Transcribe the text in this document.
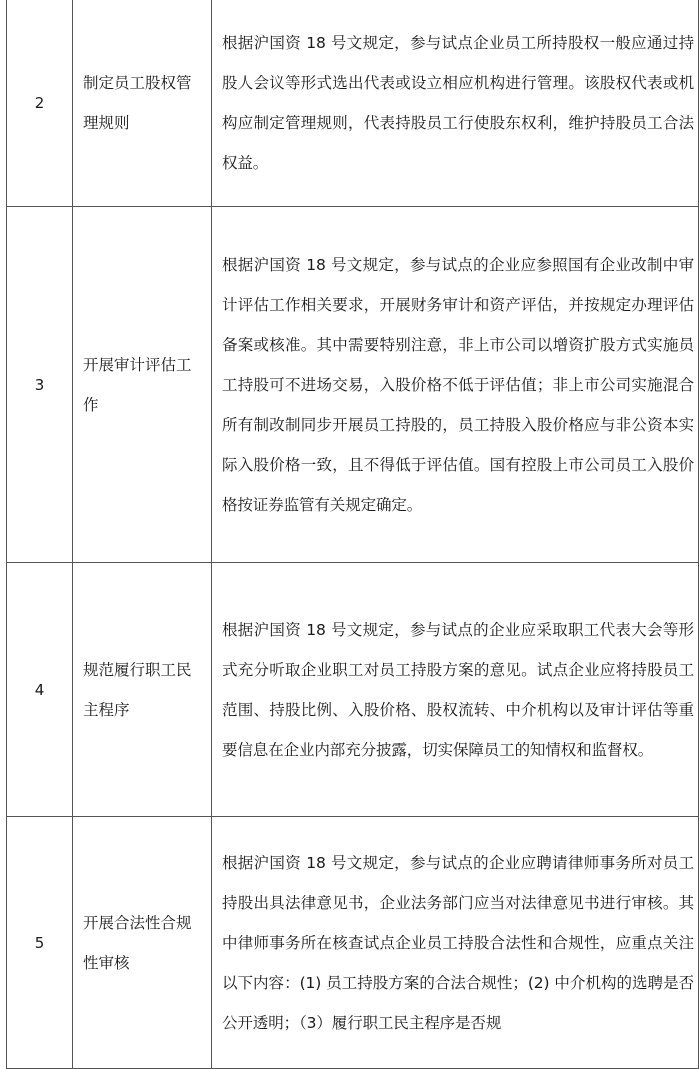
2	制定员工股权管理规则	根据沪国资 18 号文规定，参与试点企业员工所持股权一般应通过持股人会议等形式选出代表或设立相应机构进行管理。该股权代表或机构应制定管理规则，代表持股员工行使股东权利，维护持股员工合法权益。
3	开展审计评估工作	根据沪国资 18 号文规定，参与试点的企业应参照国有企业改制中审计评估工作相关要求，开展财务审计和资产评估，并按规定办理评估备案或核准。其中需要特别注意，非上市公司以增资扩股方式实施员工持股可不进场交易，入股价格不低于评估值；非上市公司实施混合所有制改制同步开展员工持股的，员工持股入股价格应与非公资本实际入股价格一致，且不得低于评估值。国有控股上市公司员工入股价格按证券监管有关规定确定。
4	规范履行职工民主程序	根据沪国资 18 号文规定，参与试点的企业应采取职工代表大会等形式充分听取企业职工对员工持股方案的意见。试点企业应将持股员工范围、持股比例、入股价格、股权流转、中介机构以及审计评估等重要信息在企业内部充分披露，切实保障员工的知情权和监督权。
5	开展合法性合规性审核	根据沪国资 18 号文规定，参与试点的企业应聘请律师事务所对员工持股出具法律意见书，企业法务部门应当对法律意见书进行审核。其中律师事务所在核查试点企业员工持股合法性和合规性，应重点关注以下内容：(1) 员工持股方案的合法合规性；(2) 中介机构的选聘是否公开透明；（3）履行职工民主程序是否规
